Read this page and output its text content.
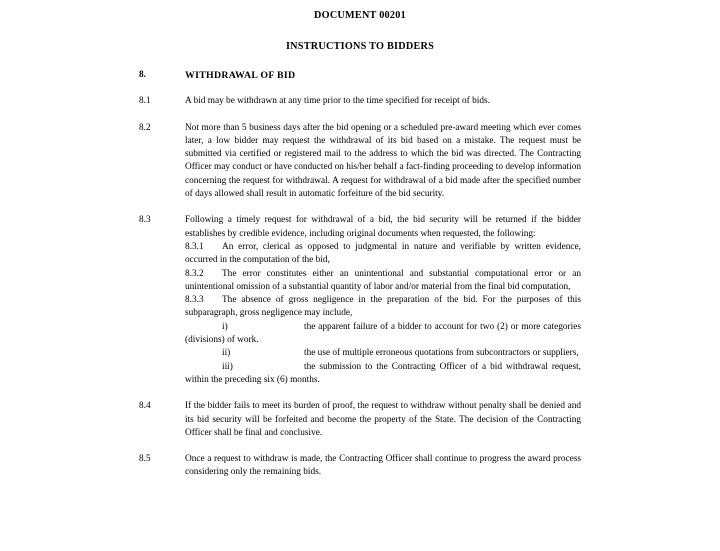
DOCUMENT 00201
INSTRUCTIONS TO BIDDERS
8.	WITHDRAWAL OF BID
8.1	A bid may be withdrawn at any time prior to the time specified for receipt of bids.
8.2	Not more than 5 business days after the bid opening or a scheduled pre-award meeting which ever comes later, a low bidder may request the withdrawal of its bid based on a mistake. The request must be submitted via certified or registered mail to the address to which the bid was directed. The Contracting Officer may conduct or have conducted on his/her behalf a fact-finding proceeding to develop information concerning the request for withdrawal. A request for withdrawal of a bid made after the specified number of days allowed shall result in automatic forfeiture of the bid security.
8.3	Following a timely request for withdrawal of a bid, the bid security will be returned if the bidder establishes by credible evidence, including original documents when requested, the following:
8.3.1	An error, clerical as opposed to judgmental in nature and verifiable by written evidence, occurred in the computation of the bid,
8.3.2	The error constitutes either an unintentional and substantial computational error or an unintentional omission of a substantial quantity of labor and/or material from the final bid computation,
8.3.3	The absence of gross negligence in the preparation of the bid. For the purposes of this subparagraph, gross negligence may include,
i)	the apparent failure of a bidder to account for two (2) or more categories (divisions) of work.
ii)	the use of multiple erroneous quotations from subcontractors or suppliers,
iii)	the submission to the Contracting Officer of a bid withdrawal request, within the preceding six (6) months.
8.4	If the bidder fails to meet its burden of proof, the request to withdraw without penalty shall be denied and its bid security will be forfeited and become the property of the State. The decision of the Contracting Officer shall be final and conclusive.
8.5	Once a request to withdraw is made, the Contracting Officer shall continue to progress the award process considering only the remaining bids.
